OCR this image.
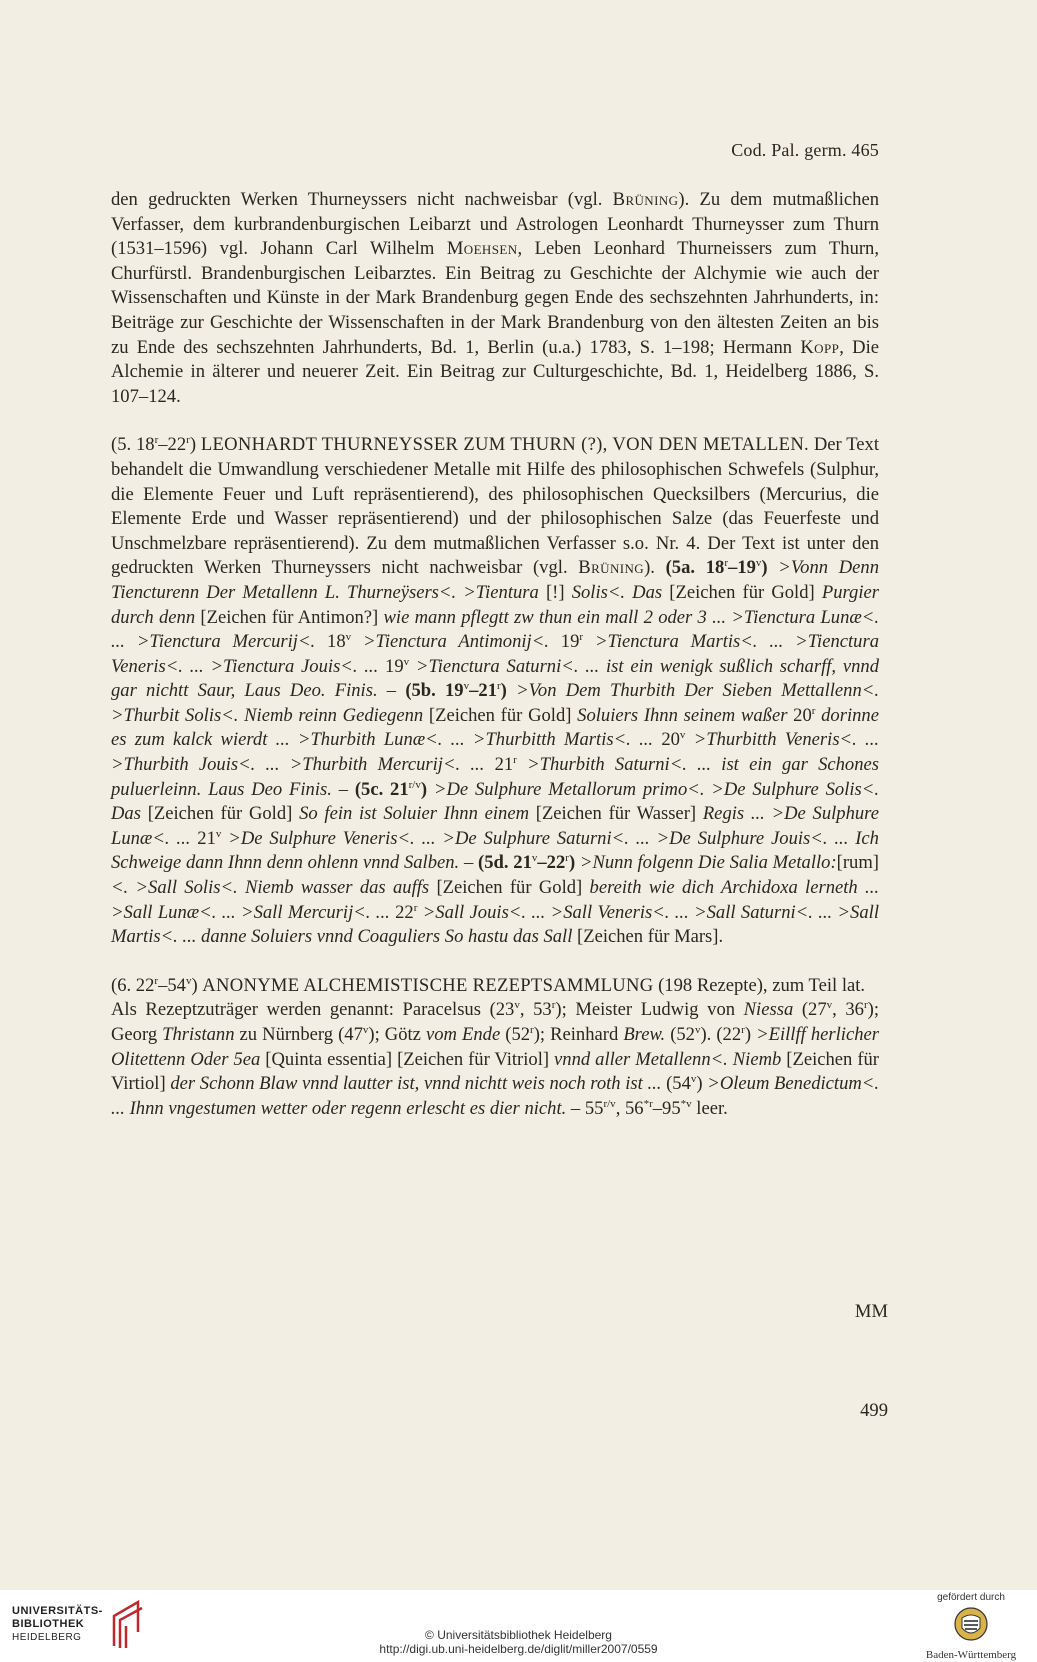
Cod. Pal. germ. 465

den gedruckten Werken Thurneyssers nicht nachweisbar (vgl. Brüning). Zu dem mutmaßlichen Verfasser, dem kurbrandenburgischen Leibarzt und Astrologen Leonhardt Thurneysser zum Thurn (1531–1596) vgl. Johann Carl Wilhelm Moehsen, Leben Leonhard Thurneissers zum Thurn, Churfürstl. Brandenburgischen Leibarztes. Ein Beitrag zu Geschichte der Alchymie wie auch der Wissenschaften und Künste in der Mark Brandenburg gegen Ende des sechszehnten Jahrhunderts, in: Beiträge zur Geschichte der Wissenschaften in der Mark Brandenburg von den ältesten Zeiten an bis zu Ende des sechszehnten Jahrhunderts, Bd. 1, Berlin (u.a.) 1783, S. 1–198; Hermann Kopp, Die Alchemie in älterer und neuerer Zeit. Ein Beitrag zur Culturgeschichte, Bd. 1, Heidelberg 1886, S. 107–124.

(5. 18$^r$–22$^r$) LEONHARDT THURNEYSSER ZUM THURN (?), VON DEN METALLEN. Der Text behandelt die Umwandlung verschiedener Metalle mit Hilfe des philosophischen Schwefels (Sulphur, die Elemente Feuer und Luft repräsentierend), des philosophischen Quecksilbers (Mercurius, die Elemente Erde und Wasser repräsentierend) und der philosophischen Salze (das Feuerfeste und Unschmelzbare repräsentierend). Zu dem mutmaßlichen Verfasser s.o. Nr. 4. Der Text ist unter den gedruckten Werken Thurneyssers nicht nachweisbar (vgl. Brüning). (5a. $18^r-19^v$) >Vonn Denn Tiencturenn Der Metallenn L. Thurneÿsers<. >Tientura [!] Solis<. Das [Zeichen für Gold] Purgier durch denn [Zeichen für Antimon?] wie mann pflegtt zw thun ein mall 2 oder 3 ... >Tienctura Lunæ<. ... >Tienctura Mercurij<. $18^v$ >Tienctura Antimonij<. $19^r$ >Tienctura Martis<. ... >Tienctura Veneris<. ... >Tienctura Jouis<. ... $19^v$ >Tienctura Saturni<. ... ist ein wenigk sußlich scharff, vnnd gar nichtt Saur, Laus Deo. Finis. – (5b. $19^v-21^r) >Von$ Dem Thurbith Der Sieben Mettallenn<. >Thurbit Solis<. Niemb reinn Gediegenn [Zeichen für Gold] Soluiers Ihnn seinem waßer 20$^r$ dorinne es zum kalck wierdt ... >Thurbith Lunæ<. ... >Thurbitth Martis<. ... $20^v$ >Thurbitth Veneris<. ... >Thurbith Jouis<. ... >Thurbith Mercurij<. ... $21^r$ >Thurbith Saturni<. ... ist ein gar Schones puluerleinn. Laus Deo Finis. – (5c. $21^{r/v}) >De$ Sulphure Metallorum primo<. >De Sulphure Solis<. Das [Zeichen für Gold] So fein ist Soluier Ihnn einem [Zeichen für Wasser] Regis ... >De Sulphure Lunæ<. ... $21^v >De$ Sulphure Veneris<. ... >De Sulphure Saturni<. ... >De Sulphure Jouis<. ... Ich Schweige dann Ihnn denn ohlenn vnnd Salben. – (5d. $21^v-22^r$) >Nunn folgenn Die Salia Metallo:[rum]<. >Sall Solis<. Niemb wasser das auffs [Zeichen für Gold] bereith wie dich Archidoxa lerneth ... >Sall Lunæ<. ... >Sall Mercurij<. ... $22^r$ >Sall Jouis<. ... >Sall Veneris<. ... >Sall Saturni<. ... >Sall Martis<. ... danne Soluiers vnnd Coaguliers So hastu das Sall [Zeichen für Mars].

(6. 22$^r$–54$^v$) ANONYME ALCHEMISTISCHE REZEPTSAMMLUNG (198 Rezepte), zum Teil lat.

Als Rezeptzuträger werden genannt: Paracelsus (23$^v$, 53$^r$); Meister Ludwig von Niessa (27$^v$, 36$^r$); Georg Thristann zu Nürnberg (47$^v$); Götz vom Ende (52$^r$); Reinhard Brew. (52$^v$). $(22^r)$ >Eillff herlicher Olitettenn Oder 5ea [Quinta essentia] [Zeichen für Vitriol] vnnd aller Metallenn<. Niemb [Zeichen für Virtiol] der Schonn Blaw vnnd lautter ist, vnnd nichtt weis noch roth ist ... $(54^v)$ >Oleum Benedictum<. ... Ihnn vngestumen wetter oder regenn erlescht es dier nicht. – $55^{r/v}$, 56$^{*r}$–95$^{*v}$ leer.

MM
499
UNIVERSITÄTS-
BIBLIOTHEK
HEIDELBERG	© Universitätsbibliothek Heidelberg
http://digi.ub.uni-heidelberg.de/diglit/miller2007/0559
gefördert durch
Baden-Württemberg
